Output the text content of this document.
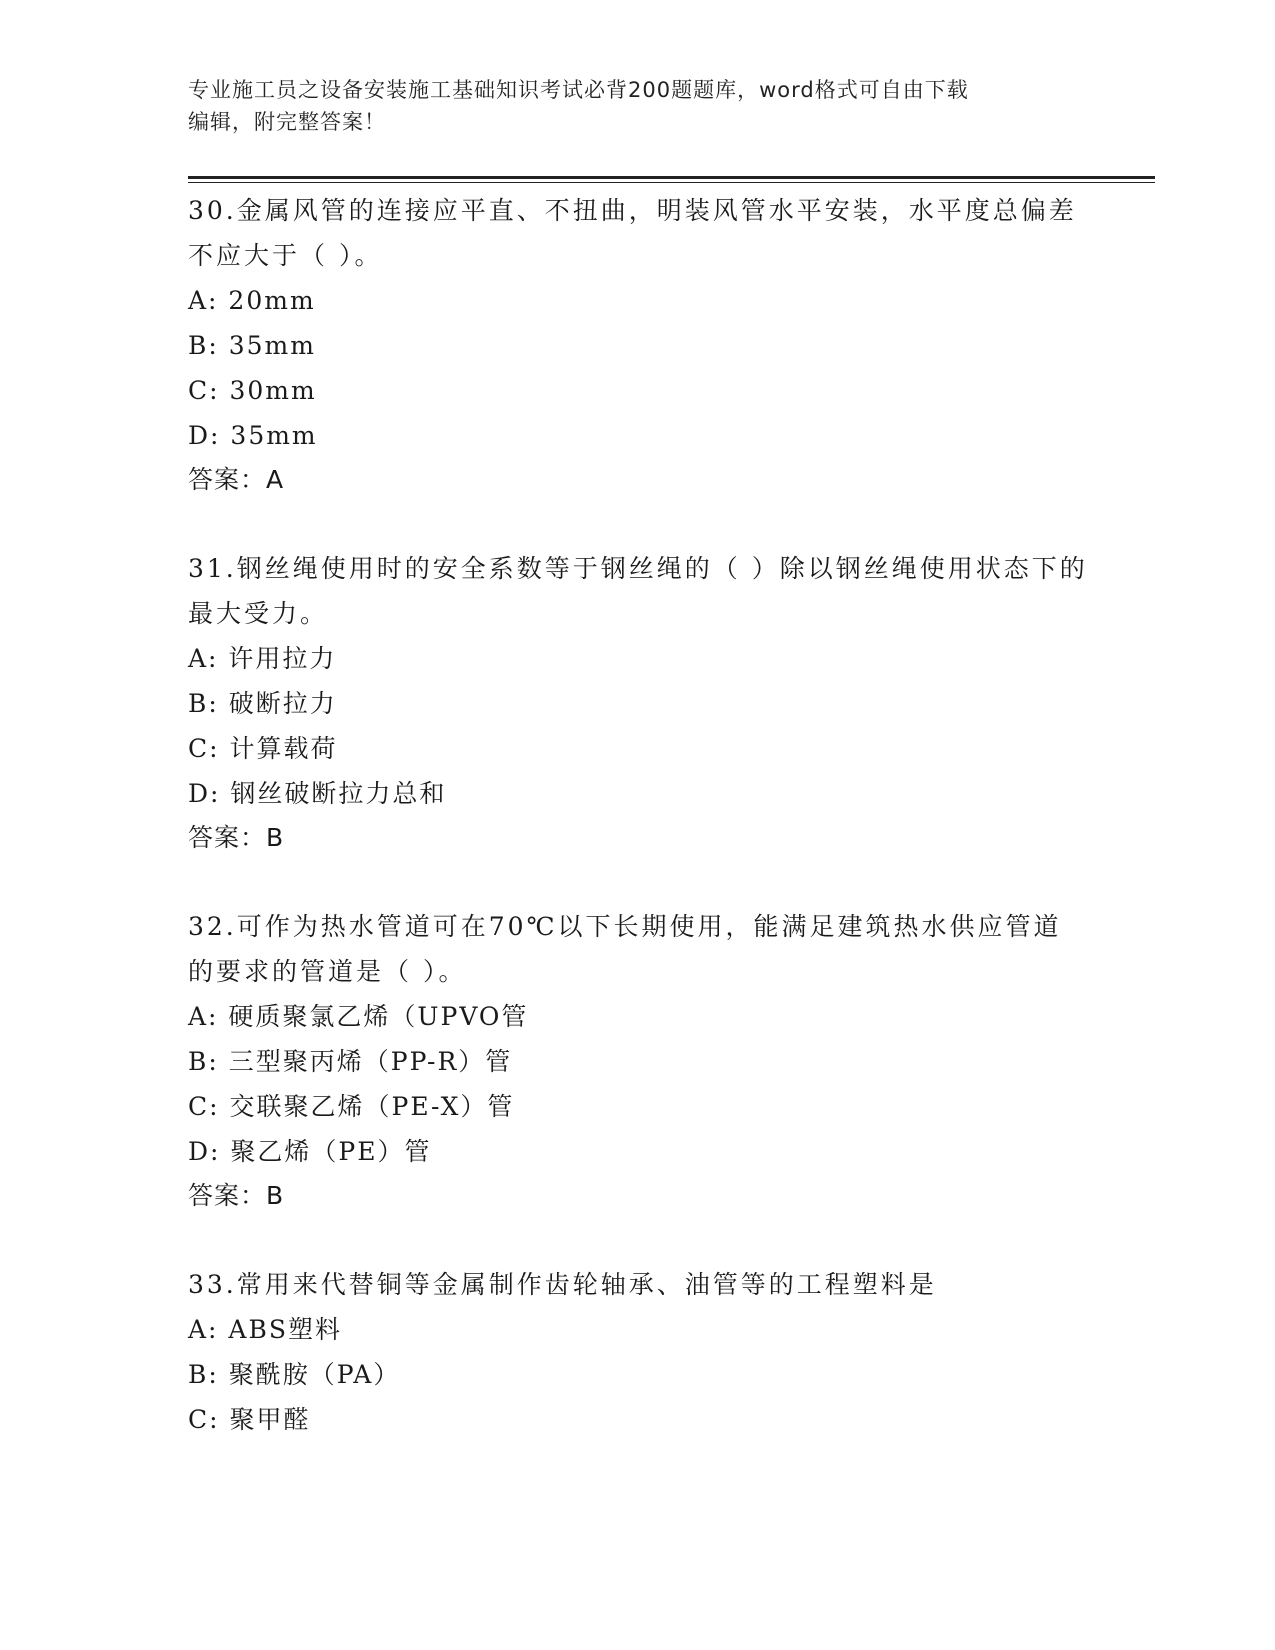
专业施工员之设备安装施工基础知识考试必背200题题库，word格式可自由下载
编辑，附完整答案！

30.金属风管的连接应平直、不扭曲，明装风管水平安装，水平度总偏差不应大于（ ）。

A: 20mm

B: 35mm

C: 30mm

D: 35mm

答案：A

31.钢丝绳使用时的安全系数等于钢丝绳的（ ）除以钢丝绳使用状态下的最大受力。

A: 许用拉力

B: 破断拉力

C: 计算载荷

D: 钢丝破断拉力总和

答案：B

32.可作为热水管道可在70℃以下长期使用，能满足建筑热水供应管道的要求的管道是（ ）。

A: 硬质聚氯乙烯（UPVO管

B: 三型聚丙烯（PP-R）管

C: 交联聚乙烯（PE-X）管

D: 聚乙烯（PE）管

答案：B

33.常用来代替铜等金属制作齿轮轴承、油管等的工程塑料是

A: ABS塑料

B: 聚酰胺（PA）

C: 聚甲醛
